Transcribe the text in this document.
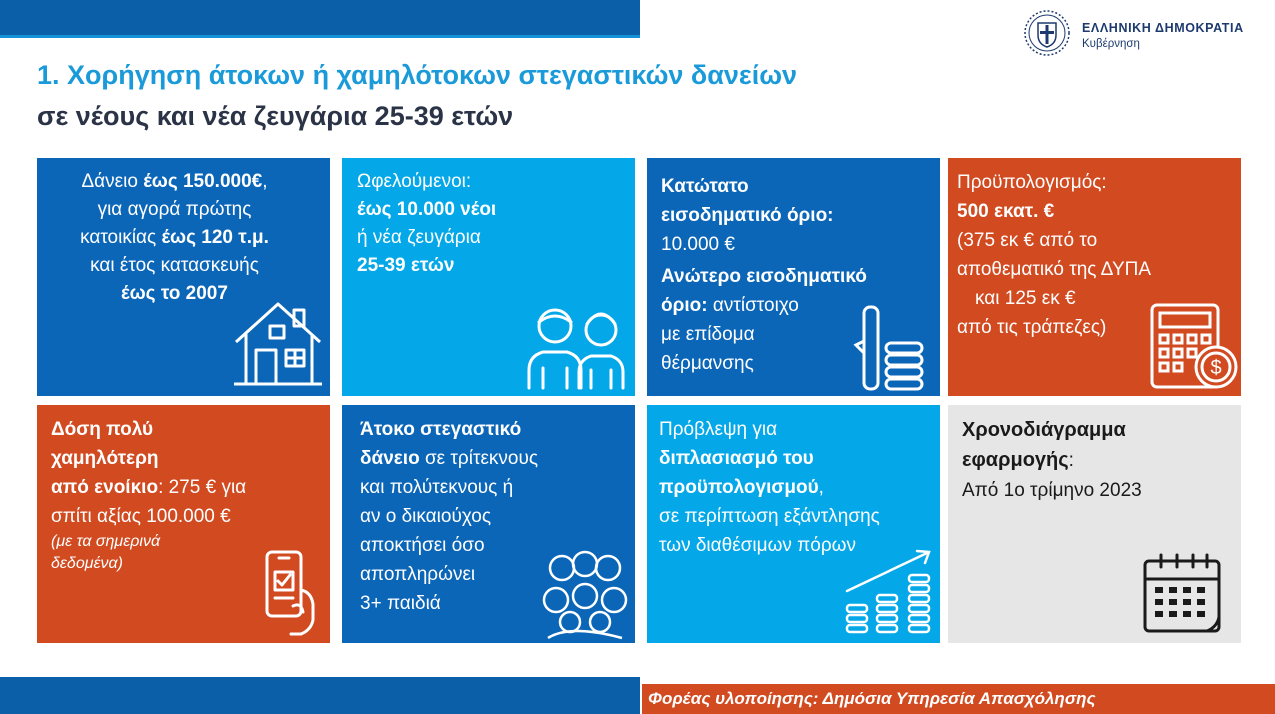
ΕΛΛΗΝΙΚΗ ΔΗΜΟΚΡΑΤΙΑ
Κυβέρνηση
1. Χορήγηση άτοκων ή χαμηλότοκων στεγαστικών δανείων
σε νέους και νέα ζευγάρια 25-39 ετών
Δάνειο έως 150.000€,
για αγορά πρώτης
κατοικίας έως 120 τ.μ.
και έτος κατασκευής
έως το 2007
Ωφελούμενοι:
έως 10.000 νέοι
ή νέα ζευγάρια
25-39 ετών
Κατώτατο
εισοδηματικό όριο:
10.000 €
Ανώτερο εισοδηματικό
όριο: αντίστοιχο
με επίδομα
θέρμανσης
Προϋπολογισμός:
500 εκατ. €
(375 εκ € από το
αποθεματικό της ΔΥΠΑ
και 125 εκ €
από τις τράπεζες)
$
Δόση πολύ
χαμηλότερη
από ενοίκιο: 275 € για
σπίτι αξίας 100.000 €
(με τα σημερινά
δεδομένα)
Άτοκο στεγαστικό
δάνειο σε τρίτεκνους
και πολύτεκνους ή
αν ο δικαιούχος
αποκτήσει όσο
αποπληρώνει
3+ παιδιά
Πρόβλεψη για
διπλασιασμό του
προϋπολογισμού,
σε περίπτωση εξάντλησης
των διαθέσιμων πόρων
Χρονοδιάγραμμα
εφαρμογής:
Από 1ο τρίμηνο 2023
Φορέας υλοποίησης: Δημόσια Υπηρεσία Απασχόλησης
